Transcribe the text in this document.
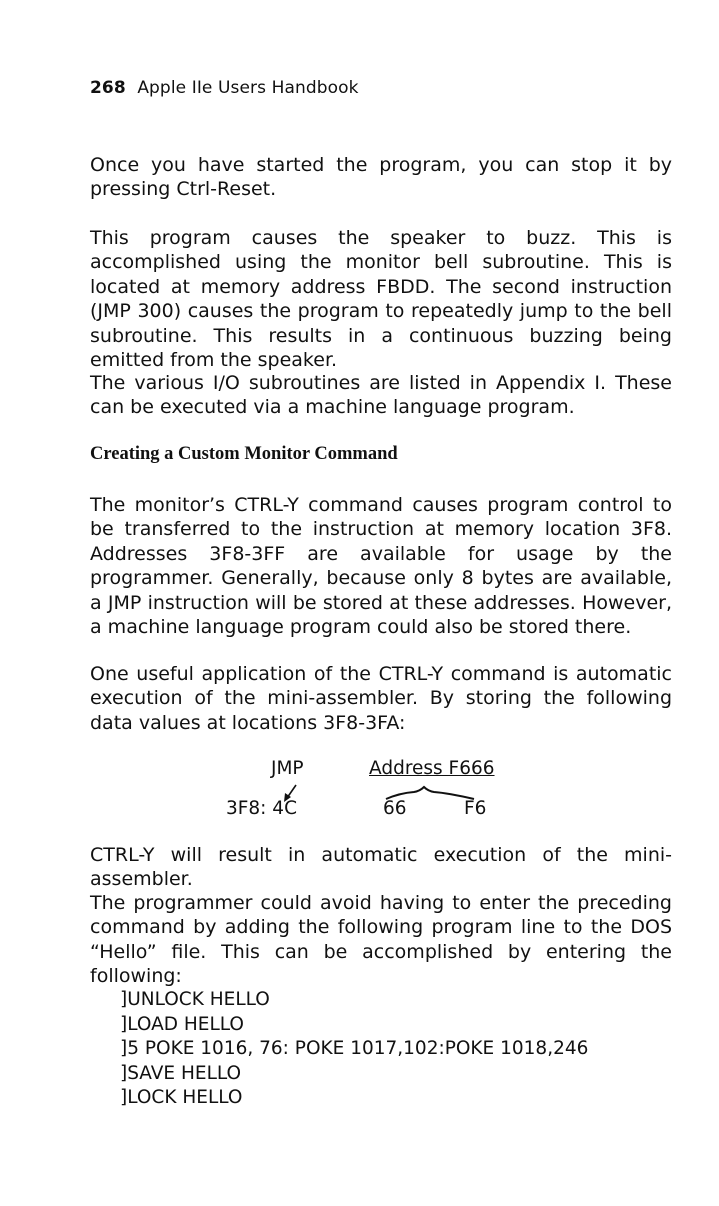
268 Apple IIe Users Handbook

Once you have started the program, you can stop it by pressing Ctrl-Reset.

This program causes the speaker to buzz. This is accomplished using the monitor bell subroutine. This is located at memory address FBDD. The second instruction (JMP 300) causes the program to repeatedly jump to the bell subroutine. This results in a continuous buzzing being emitted from the speaker.

The various I/O subroutines are listed in Appendix I. These can be executed via a machine language program.

Creating a Custom Monitor Command

The monitor’s CTRL-Y command causes program control to be transferred to the instruction at memory location 3F8. Addresses 3F8-3FF are available for usage by the programmer. Generally, because only 8 bytes are available, a JMP instruction will be stored at these addresses. However, a machine language program could also be stored there.

One useful application of the CTRL-Y command is automatic execution of the mini-assembler. By storing the following data values at locations 3F8-3FA:

JMP	Address F666
3F8: 4C	66	F6

CTRL-Y will result in automatic execution of the mini-assembler.

The programmer could avoid having to enter the preceding command by adding the following program line to the DOS “Hello” file. This can be accomplished by entering the following:

]UNLOCK HELLO
]LOAD HELLO
]5 POKE 1016, 76: POKE 1017,102:POKE 1018,246
]SAVE HELLO
]LOCK HELLO
